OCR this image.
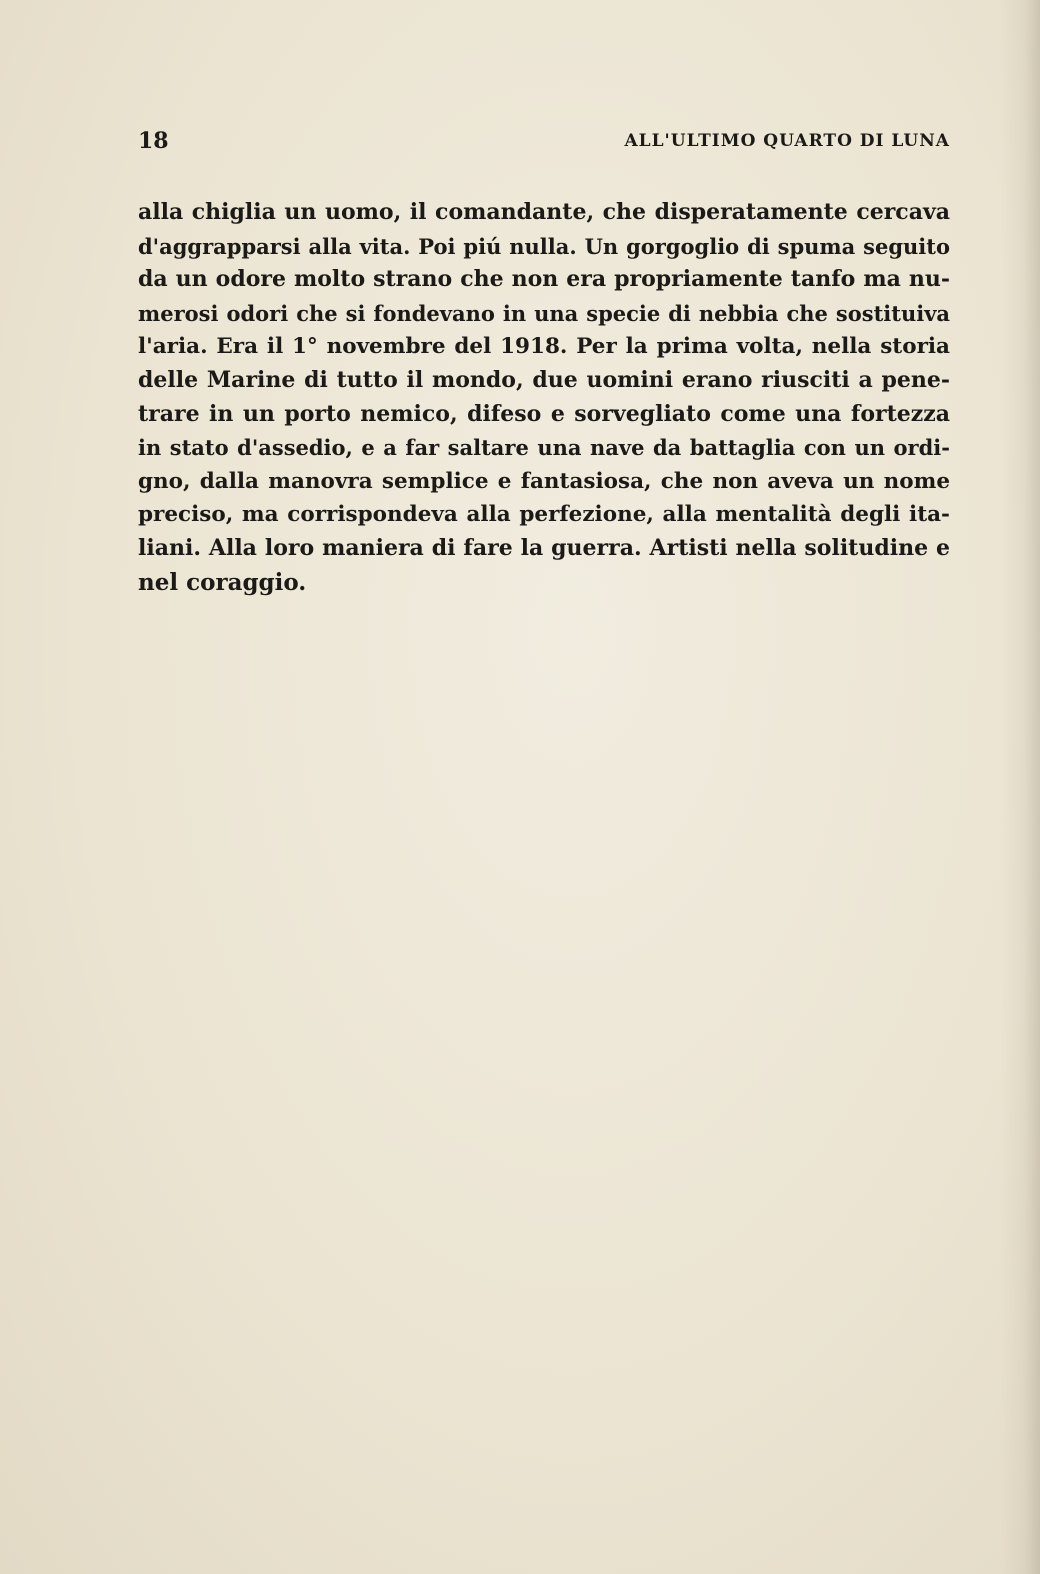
18	ALL'ULTIMO QUARTO DI LUNA

alla chiglia un uomo, il comandante, che disperatamente cercava
d'aggrapparsi alla vita. Poi piú nulla. Un gorgoglio di spuma seguito
da un odore molto strano che non era propriamente tanfo ma nu-
merosi odori che si fondevano in una specie di nebbia che sostituiva
l'aria. Era il 1° novembre del 1918. Per la prima volta, nella storia
delle Marine di tutto il mondo, due uomini erano riusciti a pene-
trare in un porto nemico, difeso e sorvegliato come una fortezza
in stato d'assedio, e a far saltare una nave da battaglia con un ordi-
gno, dalla manovra semplice e fantasiosa, che non aveva un nome
preciso, ma corrispondeva alla perfezione, alla mentalità degli ita-
liani. Alla loro maniera di fare la guerra. Artisti nella solitudine e
nel coraggio.
